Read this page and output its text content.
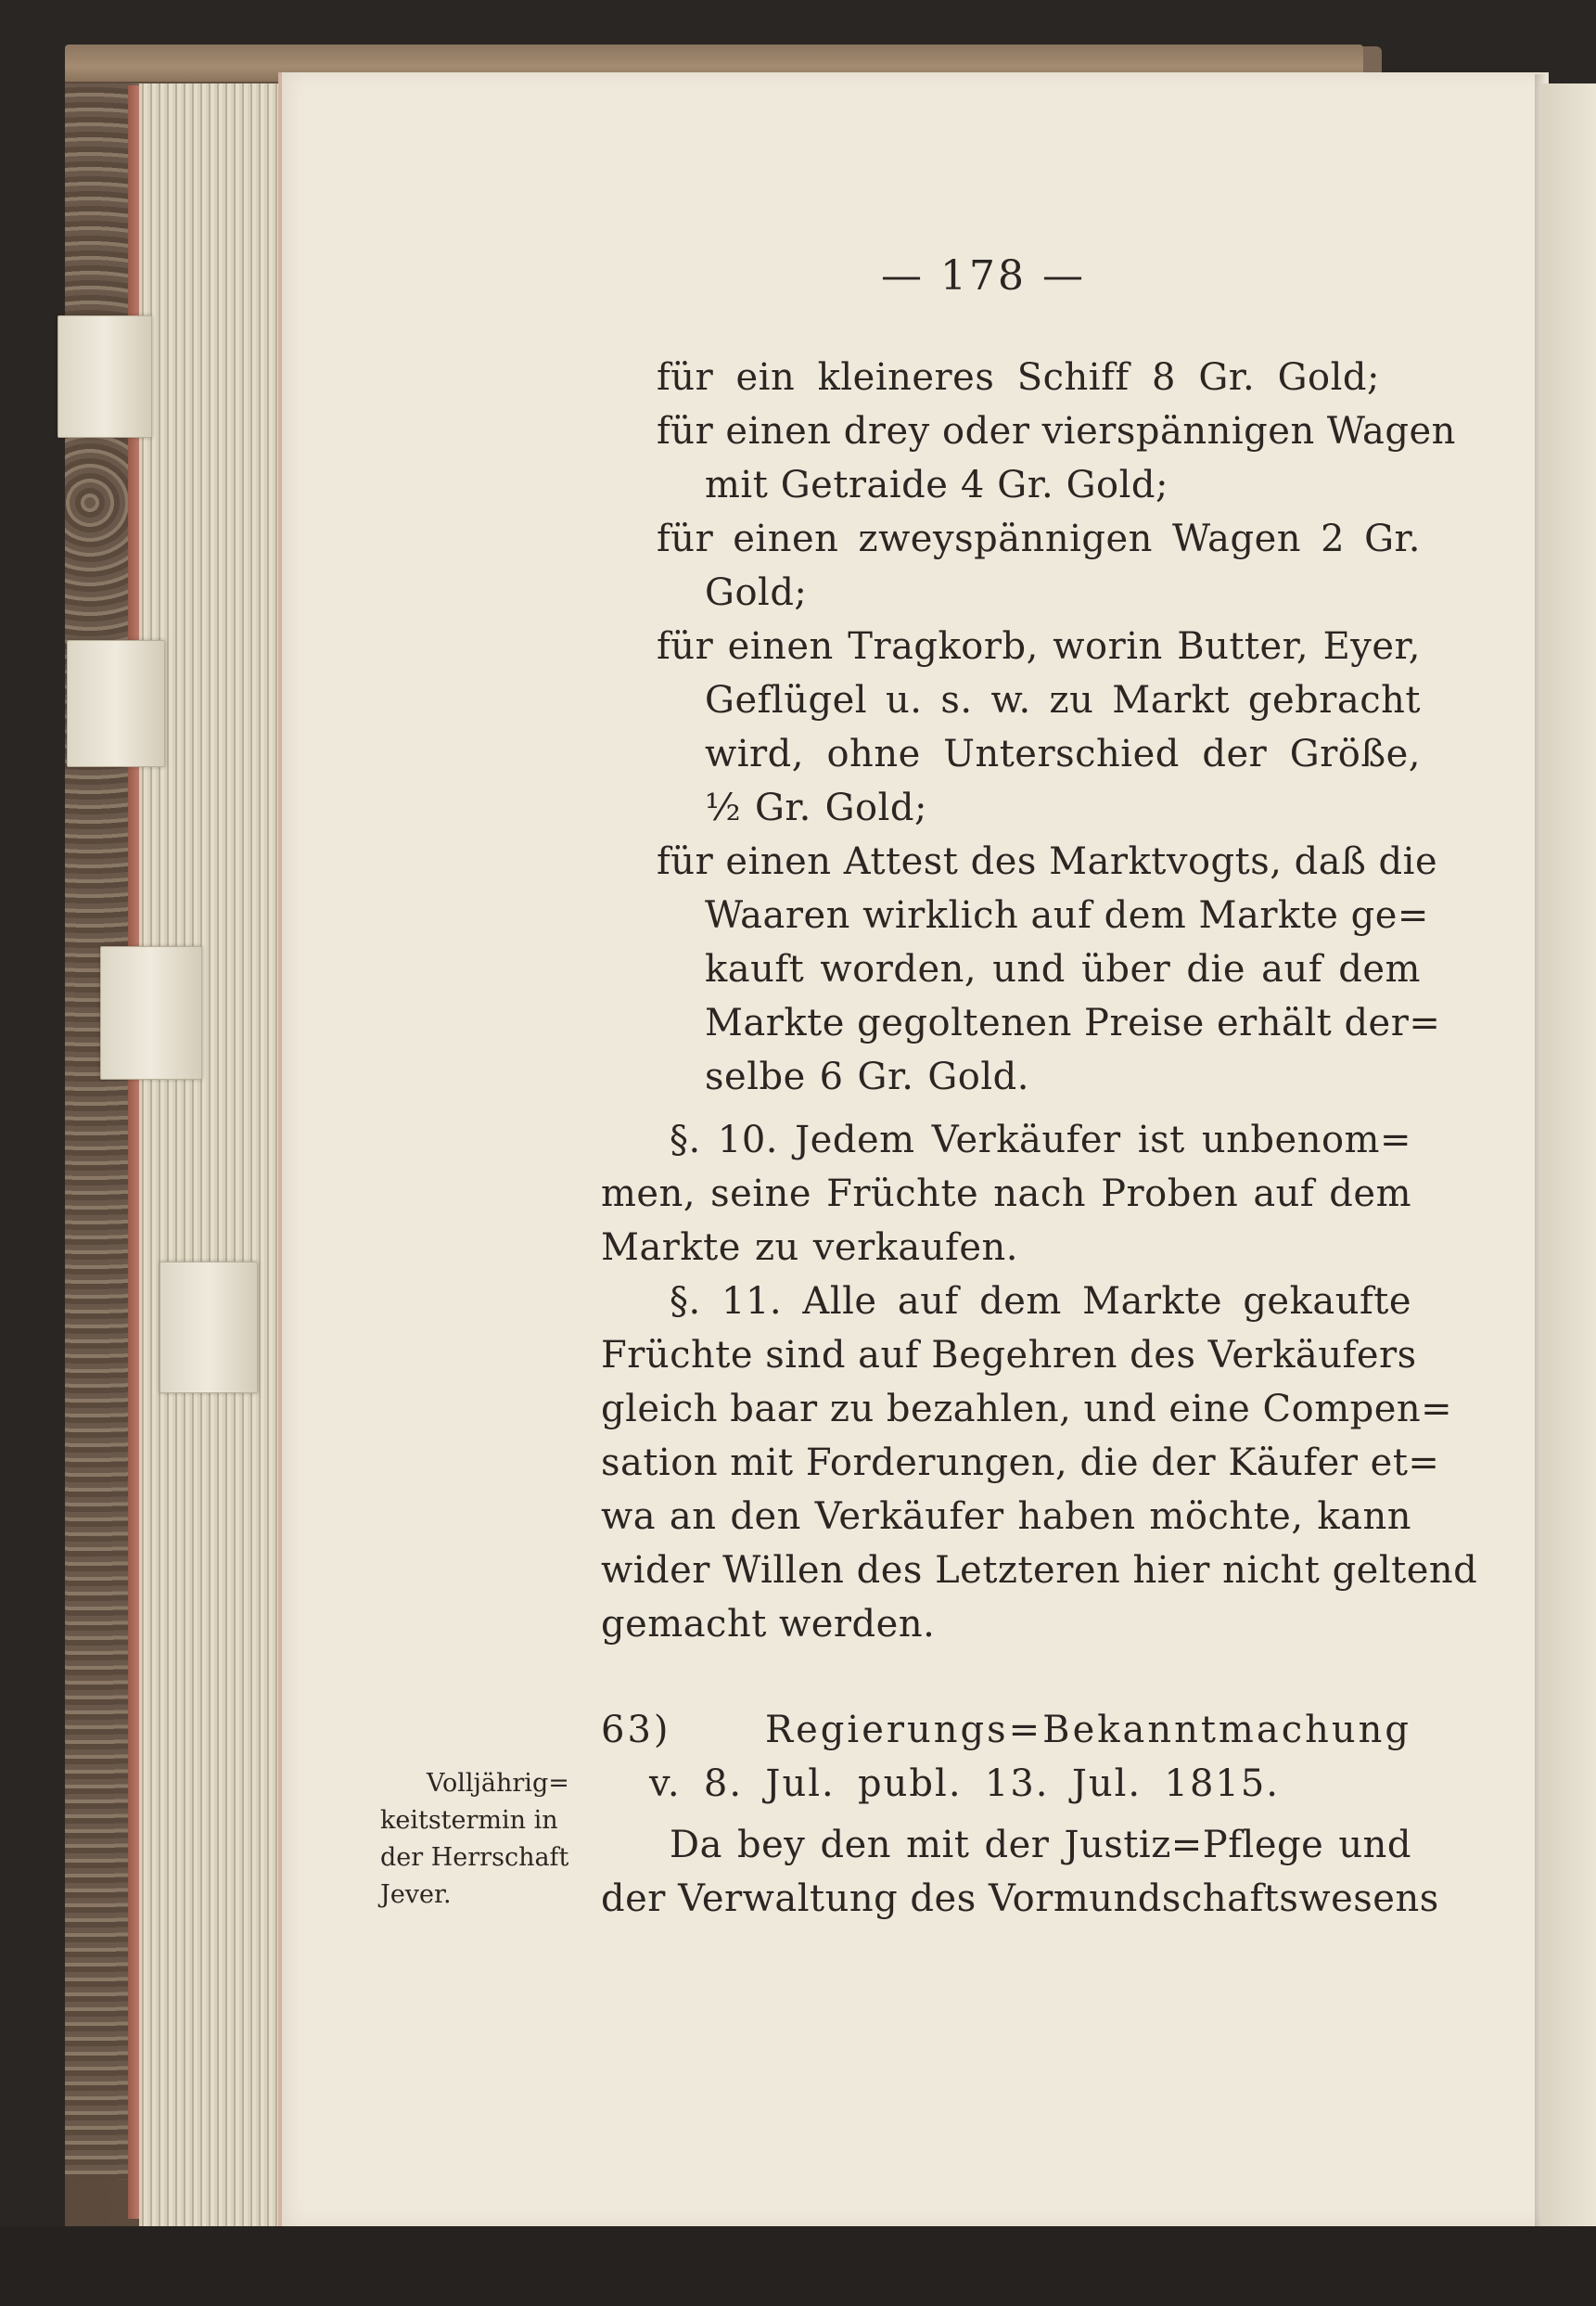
— 178 —
für ein kleineres Schiff 8 Gr. Gold;
für einen drey oder vierspännigen Wagen
mit Getraide 4 Gr. Gold;
für einen zweyspännigen Wagen 2 Gr.
Gold;
für einen Tragkorb, worin Butter, Eyer,
Geflügel u. s. w. zu Markt gebracht
wird, ohne Unterschied der Größe,
½ Gr. Gold;
für einen Attest des Marktvogts, daß die
Waaren wirklich auf dem Markte ge=
kauft worden, und über die auf dem
Markte gegoltenen Preise erhält der=
selbe 6 Gr. Gold.
§. 10. Jedem Verkäufer ist unbenom=
men, seine Früchte nach Proben auf dem
Markte zu verkaufen.
§. 11. Alle auf dem Markte gekaufte
Früchte sind auf Begehren des Verkäufers
gleich baar zu bezahlen, und eine Compen=
sation mit Forderungen, die der Käufer et=
wa an den Verkäufer haben möchte, kann
wider Willen des Letzteren hier nicht geltend
gemacht werden.
63) Regierungs=Bekanntmachung
v. 8. Jul. publ. 13. Jul. 1815.
Da bey den mit der Justiz=Pflege und
der Verwaltung des Vormundschaftswesens
Volljährig=
keitstermin in
der Herrschaft
Jever.
